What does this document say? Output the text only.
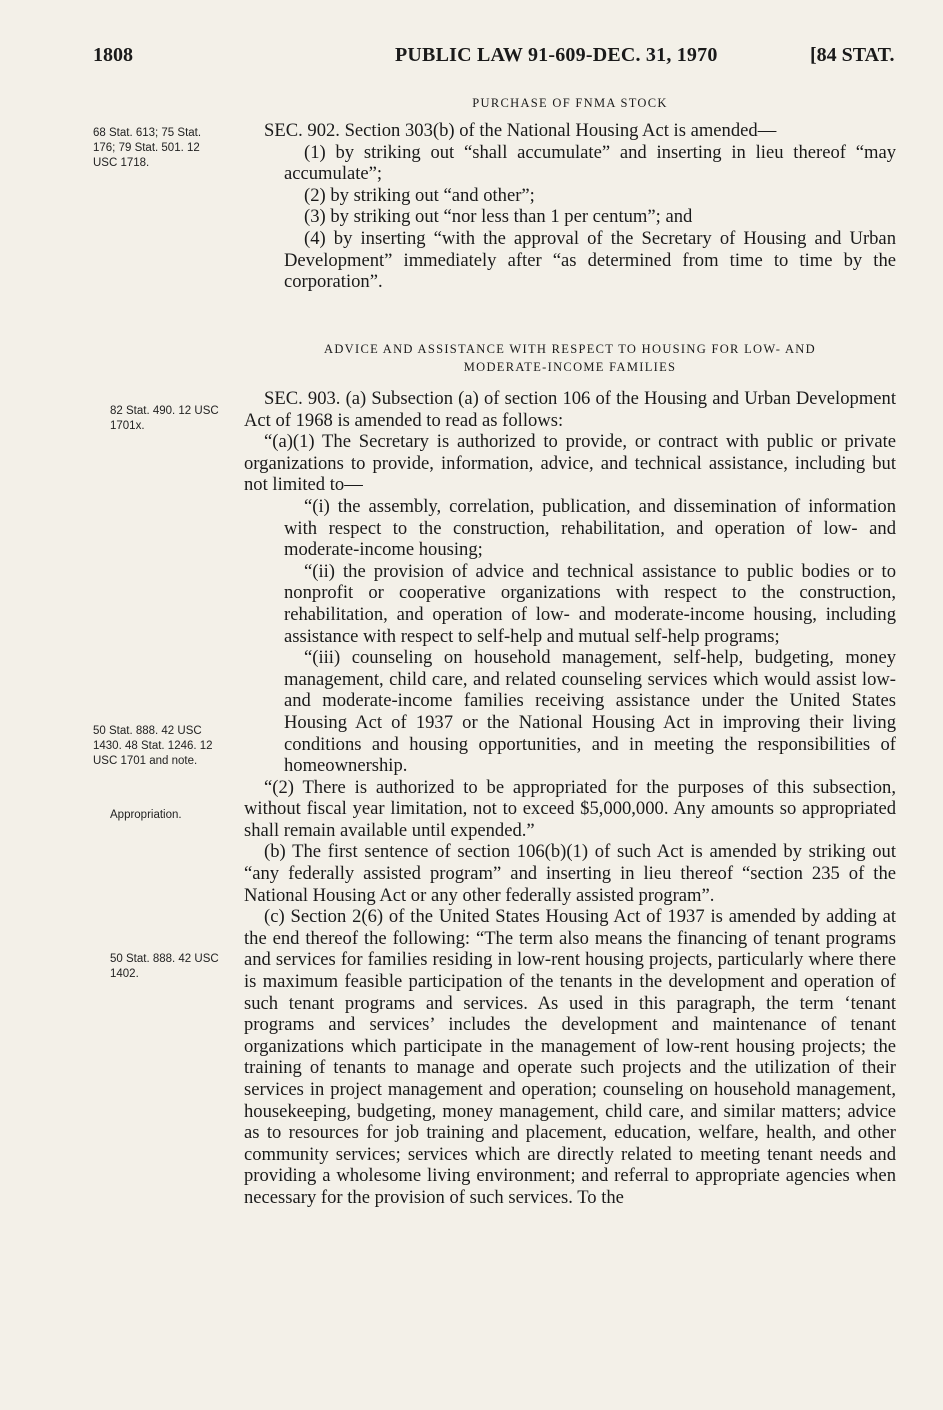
1808	PUBLIC LAW 91-609-DEC. 31, 1970	[84 STAT.
68 Stat. 613; 75 Stat. 176; 79 Stat. 501. 12 USC 1718.
82 Stat. 490. 12 USC 1701x.
50 Stat. 888. 42 USC 1430. 48 Stat. 1246. 12 USC 1701 and note.
Appropriation.
50 Stat. 888. 42 USC 1402.

PURCHASE OF FNMA STOCK

SEC. 902. Section 303(b) of the National Housing Act is amended—

(1) by striking out “shall accumulate” and inserting in lieu thereof “may accumulate”;

(2) by striking out “and other”;

(3) by striking out “nor less than 1 per centum”; and

(4) by inserting “with the approval of the Secretary of Housing and Urban Development” immediately after “as determined from time to time by the corporation”.

ADVICE AND ASSISTANCE WITH RESPECT TO HOUSING FOR LOW- AND

MODERATE-INCOME FAMILIES

SEC. 903. (a) Subsection (a) of section 106 of the Housing and Urban Development Act of 1968 is amended to read as follows:

“(a)(1) The Secretary is authorized to provide, or contract with public or private organizations to provide, information, advice, and technical assistance, including but not limited to—

“(i) the assembly, correlation, publication, and dissemination of information with respect to the construction, rehabilitation, and operation of low- and moderate-income housing;

“(ii) the provision of advice and technical assistance to public bodies or to nonprofit or cooperative organizations with respect to the construction, rehabilitation, and operation of low- and moderate-income housing, including assistance with respect to self-help and mutual self-help programs;

“(iii) counseling on household management, self-help, budgeting, money management, child care, and related counseling services which would assist low- and moderate-income families receiving assistance under the United States Housing Act of 1937 or the National Housing Act in improving their living conditions and housing opportunities, and in meeting the responsibilities of homeownership.

“(2) There is authorized to be appropriated for the purposes of this subsection, without fiscal year limitation, not to exceed $5,000,000. Any amounts so appropriated shall remain available until expended.”

(b) The first sentence of section 106(b)(1) of such Act is amended by striking out “any federally assisted program” and inserting in lieu thereof “section 235 of the National Housing Act or any other federally assisted program”.

(c) Section 2(6) of the United States Housing Act of 1937 is amended by adding at the end thereof the following: “The term also means the financing of tenant programs and services for families residing in low-rent housing projects, particularly where there is maximum feasible participation of the tenants in the development and operation of such tenant programs and services. As used in this paragraph, the term ‘tenant programs and services’ includes the development and maintenance of tenant organizations which participate in the management of low-rent housing projects; the training of tenants to manage and operate such projects and the utilization of their services in project management and operation; counseling on household management, housekeeping, budgeting, money management, child care, and similar matters; advice as to resources for job training and placement, education, welfare, health, and other community services; services which are directly related to meeting tenant needs and providing a wholesome living environment; and referral to appropriate agencies when necessary for the provision of such services. To the
